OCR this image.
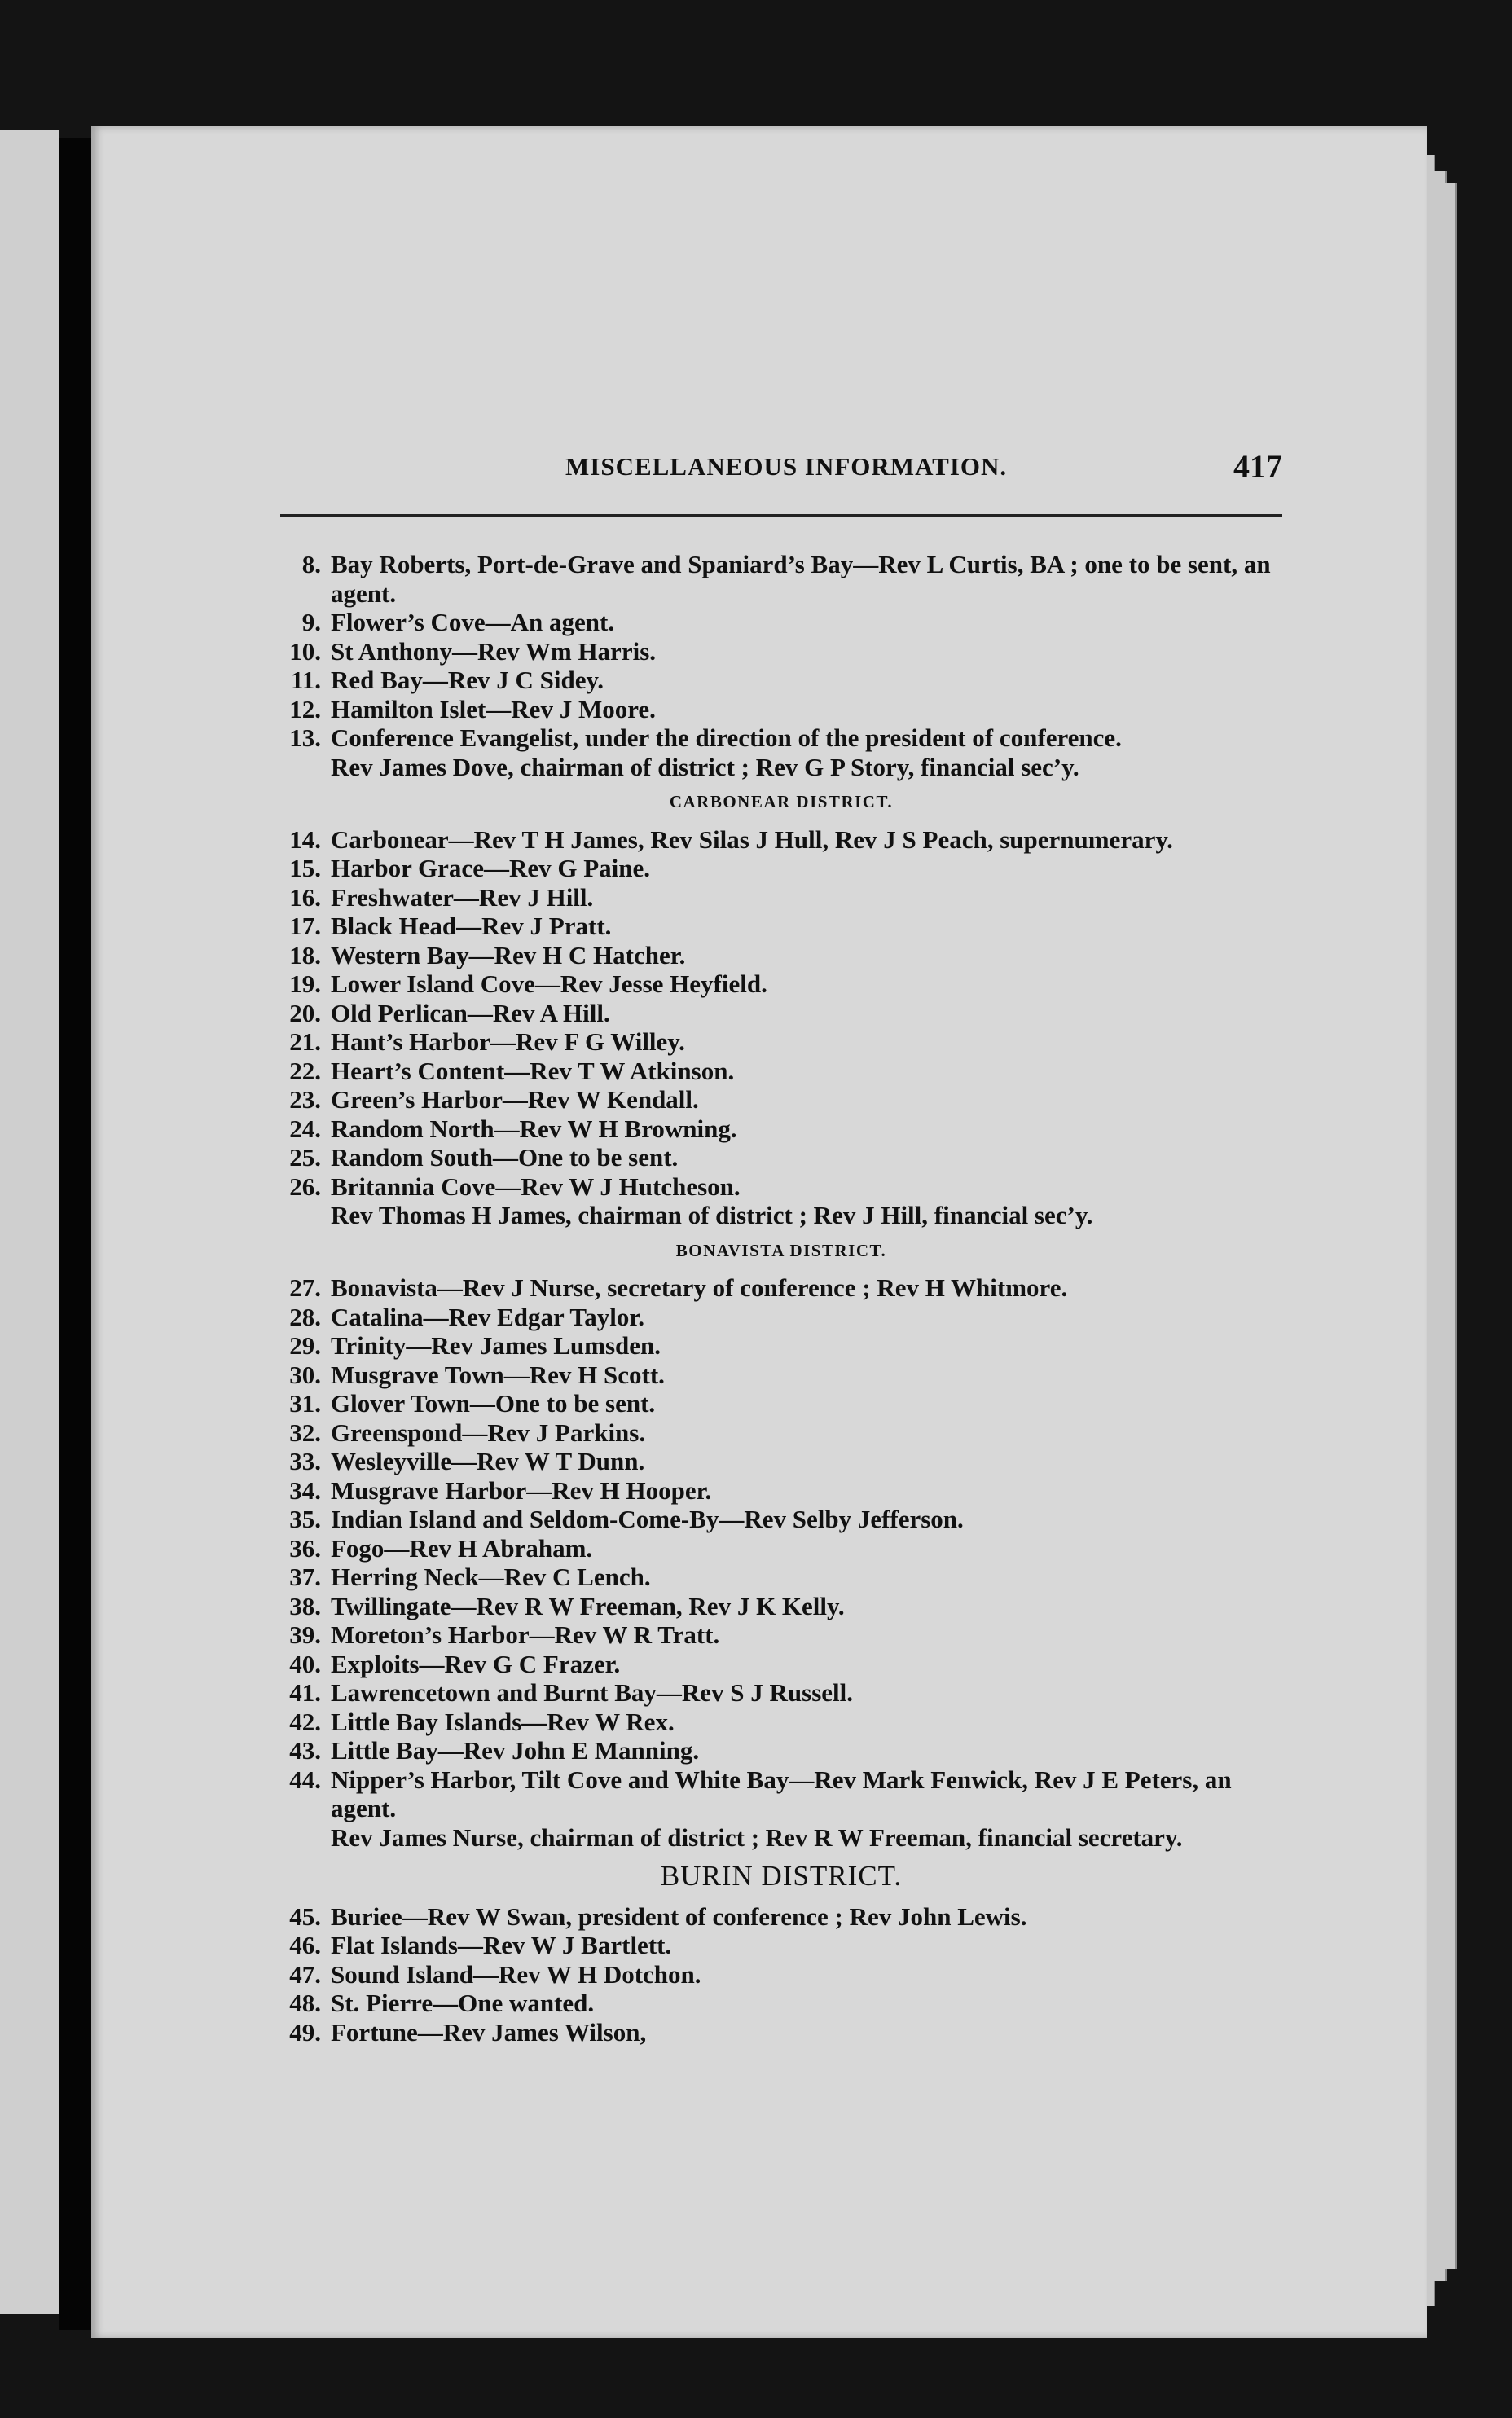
MISCELLANEOUS INFORMATION.	417
8. Bay Roberts, Port-de-Grave and Spaniard’s Bay—Rev L Curtis, BA ; one to be sent, an agent.
9. Flower’s Cove—An agent.
10. St Anthony—Rev Wm Harris.
11. Red Bay—Rev J C Sidey.
12. Hamilton Islet—Rev J Moore.
13. Conference Evangelist, under the direction of the president of conference.
Rev James Dove, chairman of district ; Rev G P Story, financial sec’y.
CARBONEAR DISTRICT.
14. Carbonear—Rev T H James, Rev Silas J Hull, Rev J S Peach, supernumerary.
15. Harbor Grace—Rev G Paine.
16. Freshwater—Rev J Hill.
17. Black Head—Rev J Pratt.
18. Western Bay—Rev H C Hatcher.
19. Lower Island Cove—Rev Jesse Heyfield.
20. Old Perlican—Rev A Hill.
21. Hant’s Harbor—Rev F G Willey.
22. Heart’s Content—Rev T W Atkinson.
23. Green’s Harbor—Rev W Kendall.
24. Random North—Rev W H Browning.
25. Random South—One to be sent.
26. Britannia Cove—Rev W J Hutcheson.
Rev Thomas H James, chairman of district ; Rev J Hill, financial sec’y.
BONAVISTA DISTRICT.
27. Bonavista—Rev J Nurse, secretary of conference ; Rev H Whitmore.
28. Catalina—Rev Edgar Taylor.
29. Trinity—Rev James Lumsden.
30. Musgrave Town—Rev H Scott.
31. Glover Town—One to be sent.
32. Greenspond—Rev J Parkins.
33. Wesleyville—Rev W T Dunn.
34. Musgrave Harbor—Rev H Hooper.
35. Indian Island and Seldom-Come-By—Rev Selby Jefferson.
36. Fogo—Rev H Abraham.
37. Herring Neck—Rev C Lench.
38. Twillingate—Rev R W Freeman, Rev J K Kelly.
39. Moreton’s Harbor—Rev W R Tratt.
40. Exploits—Rev G C Frazer.
41. Lawrencetown and Burnt Bay—Rev S J Russell.
42. Little Bay Islands—Rev W Rex.
43. Little Bay—Rev John E Manning.
44. Nipper’s Harbor, Tilt Cove and White Bay—Rev Mark Fenwick, Rev J E Peters, an agent.
Rev James Nurse, chairman of district ; Rev R W Freeman, financial secretary.
BURIN DISTRICT.
45. Buriee—Rev W Swan, president of conference ; Rev John Lewis.
46. Flat Islands—Rev W J Bartlett.
47. Sound Island—Rev W H Dotchon.
48. St. Pierre—One wanted.
49. Fortune—Rev James Wilson,
